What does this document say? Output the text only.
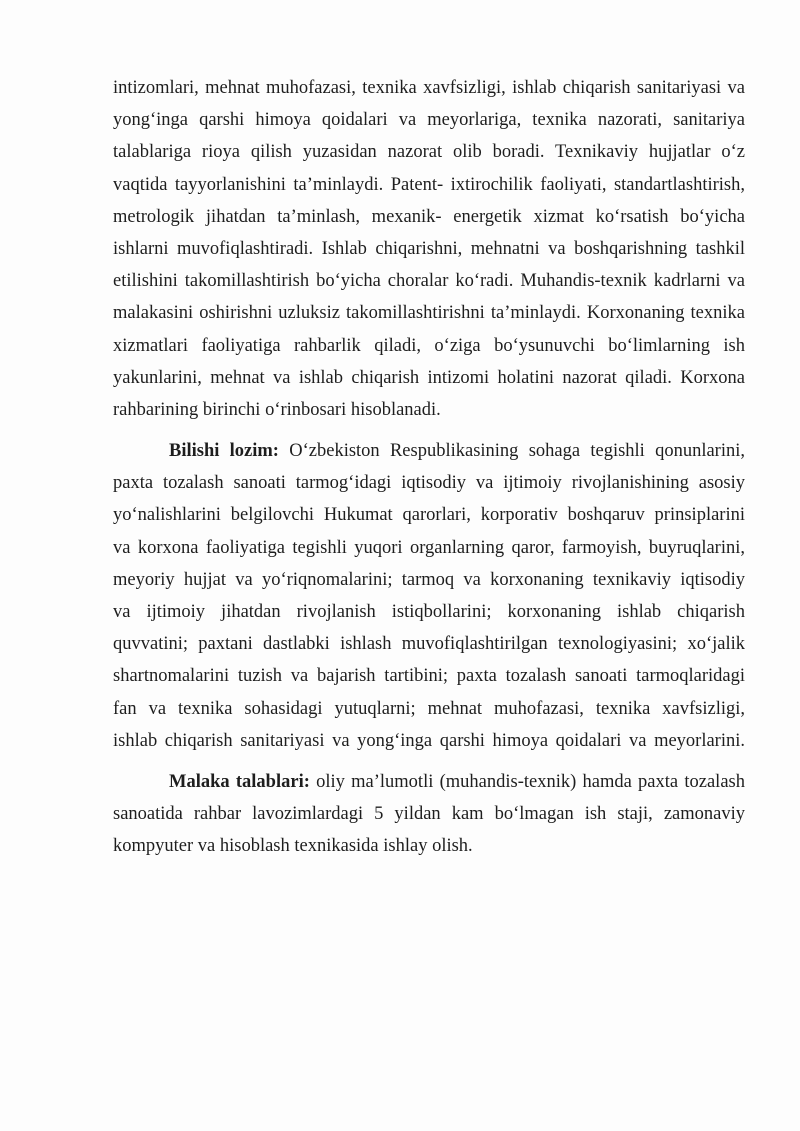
intizomlari, mehnat muhofazasi, texnika xavfsizligi, ishlab chiqarish sanitariyasi va
yong‘inga qarshi himoya qoidalari va meyorlariga, texnika nazorati, sanitariya
talablariga rioya qilish yuzasidan nazorat olib boradi. Texnikaviy hujjatlar o‘z
vaqtida tayyorlanishini ta’minlaydi. Patent- ixtirochilik faoliyati, standartlashtirish,
metrologik jihatdan ta’minlash, mexanik- energetik xizmat ko‘rsatish bo‘yicha
ishlarni muvofiqlashtiradi. Ishlab chiqarishni, mehnatni va boshqarishning tashkil
etilishini takomillashtirish bo‘yicha choralar ko‘radi. Muhandis-texnik kadrlarni va
malakasini oshirishni uzluksiz takomillashtirishni ta’minlaydi. Korxonaning texnika
xizmatlari faoliyatiga rahbarlik qiladi, o‘ziga bo‘ysunuvchi bo‘limlarning ish
yakunlarini, mehnat va ishlab chiqarish intizomi holatini nazorat qiladi. Korxona
rahbarining birinchi o‘rinbosari hisoblanadi.
Bilishi lozim: O‘zbekiston Respublikasining sohaga tegishli qonunlarini,
paxta tozalash sanoati tarmog‘idagi iqtisodiy va ijtimoiy rivojlanishining asosiy
yo‘nalishlarini belgilovchi Hukumat qarorlari, korporativ boshqaruv prinsiplarini
va korxona faoliyatiga tegishli yuqori organlarning qaror, farmoyish, buyruqlarini,
meyoriy hujjat va yo‘riqnomalarini; tarmoq va korxonaning texnikaviy iqtisodiy
va ijtimoiy jihatdan rivojlanish istiqbollarini; korxonaning ishlab chiqarish
quvvatini; paxtani dastlabki ishlash muvofiqlashtirilgan texnologiyasini; xo‘jalik
shartnomalarini tuzish va bajarish tartibini; paxta tozalash sanoati tarmoqlaridagi
fan va texnika sohasidagi yutuqlarni; mehnat muhofazasi, texnika xavfsizligi,
ishlab chiqarish sanitariyasi va yong‘inga qarshi himoya qoidalari va meyorlarini.
Malaka talablari: oliy ma’lumotli (muhandis-texnik) hamda paxta tozalash
sanoatida rahbar lavozimlardagi 5 yildan kam bo‘lmagan ish staji, zamonaviy
kompyuter va hisoblash texnikasida ishlay olish.
